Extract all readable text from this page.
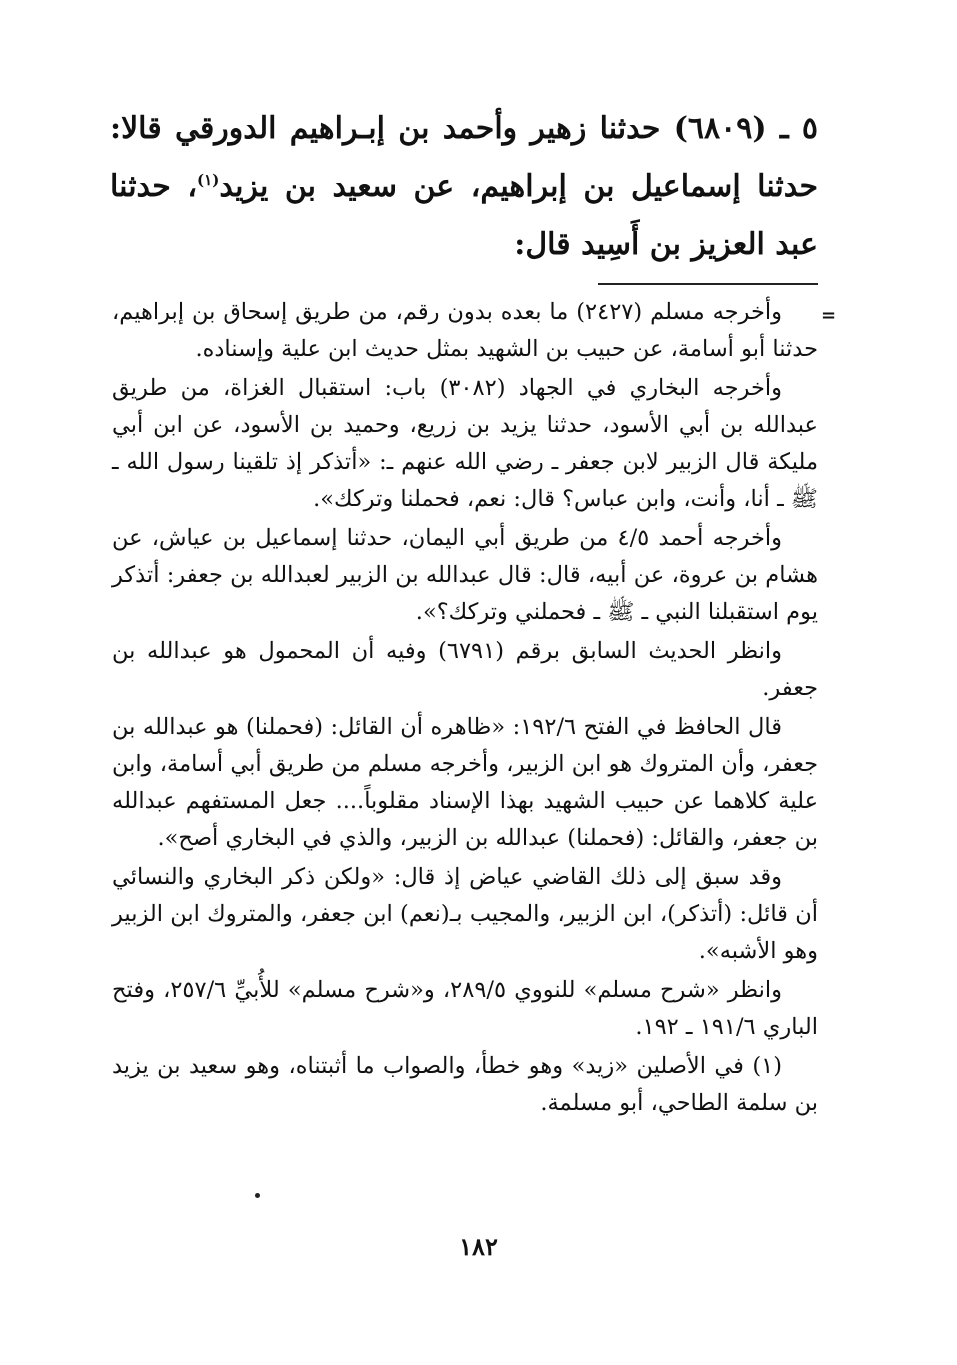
٥ ـ (٦٨٠٩) حدثنا زهير وأحمد بن إبـراهيم الدورقي قالا: حدثنا إسماعيل بن إبراهيم، عن سعيد بن يزيد$^{(١)}$، حدثنا عبد العزيز بن أَسِيد قال:
=

وأخرجه مسلم (٢٤٢٧) ما بعده بدون رقم، من طريق إسحاق بن إبراهيم، حدثنا أبو أسامة، عن حبيب بن الشهيد بمثل حديث ابن علية وإسناده.

وأخرجه البخاري في الجهاد (٣٠٨٢) باب: استقبال الغزاة، من طريق عبدالله بن أبي الأسود، حدثنا يزيد بن زريع، وحميد بن الأسود، عن ابن أبي مليكة قال الزبير لابن جعفر ـ رضي الله عنهم ـ: «أتذكر إذ تلقينا رسول الله ـ ﷺ ـ أنا، وأنت، وابن عباس؟ قال: نعم، فحملنا وتركك».

وأخرجه أحمد ٤/٥ من طريق أبي اليمان، حدثنا إسماعيل بن عياش، عن هشام بن عروة، عن أبيه، قال: قال عبدالله بن الزبير لعبدالله بن جعفر: أتذكر يوم استقبلنا النبي ـ ﷺ ـ فحملني وتركك؟».

وانظر الحديث السابق برقم (٦٧٩١) وفيه أن المحمول هو عبدالله بن جعفر.

قال الحافظ في الفتح ١٩٢/٦: «ظاهره أن القائل: (فحملنا) هو عبدالله بن جعفر، وأن المتروك هو ابن الزبير، وأخرجه مسلم من طريق أبي أسامة، وابن علية كلاهما عن حبيب الشهيد بهذا الإسناد مقلوباً.... جعل المستفهم عبدالله بن جعفر، والقائل: (فحملنا) عبدالله بن الزبير، والذي في البخاري أصح».

وقد سبق إلى ذلك القاضي عياض إذ قال: «ولكن ذكر البخاري والنسائي أن قائل: (أتذكر)، ابن الزبير، والمجيب بـ(نعم) ابن جعفر، والمتروك ابن الزبير وهو الأشبه».

وانظر «شرح مسلم» للنووي ٢٨٩/٥، و«شرح مسلم» للأُبيِّ ٢٥٧/٦، وفتح الباري ١٩١/٦ ـ ١٩٢.

(١) في الأصلين «زيد» وهو خطأ، والصواب ما أثبتناه، وهو سعيد بن يزيد بن سلمة الطاحي، أبو مسلمة.

١٨٢
